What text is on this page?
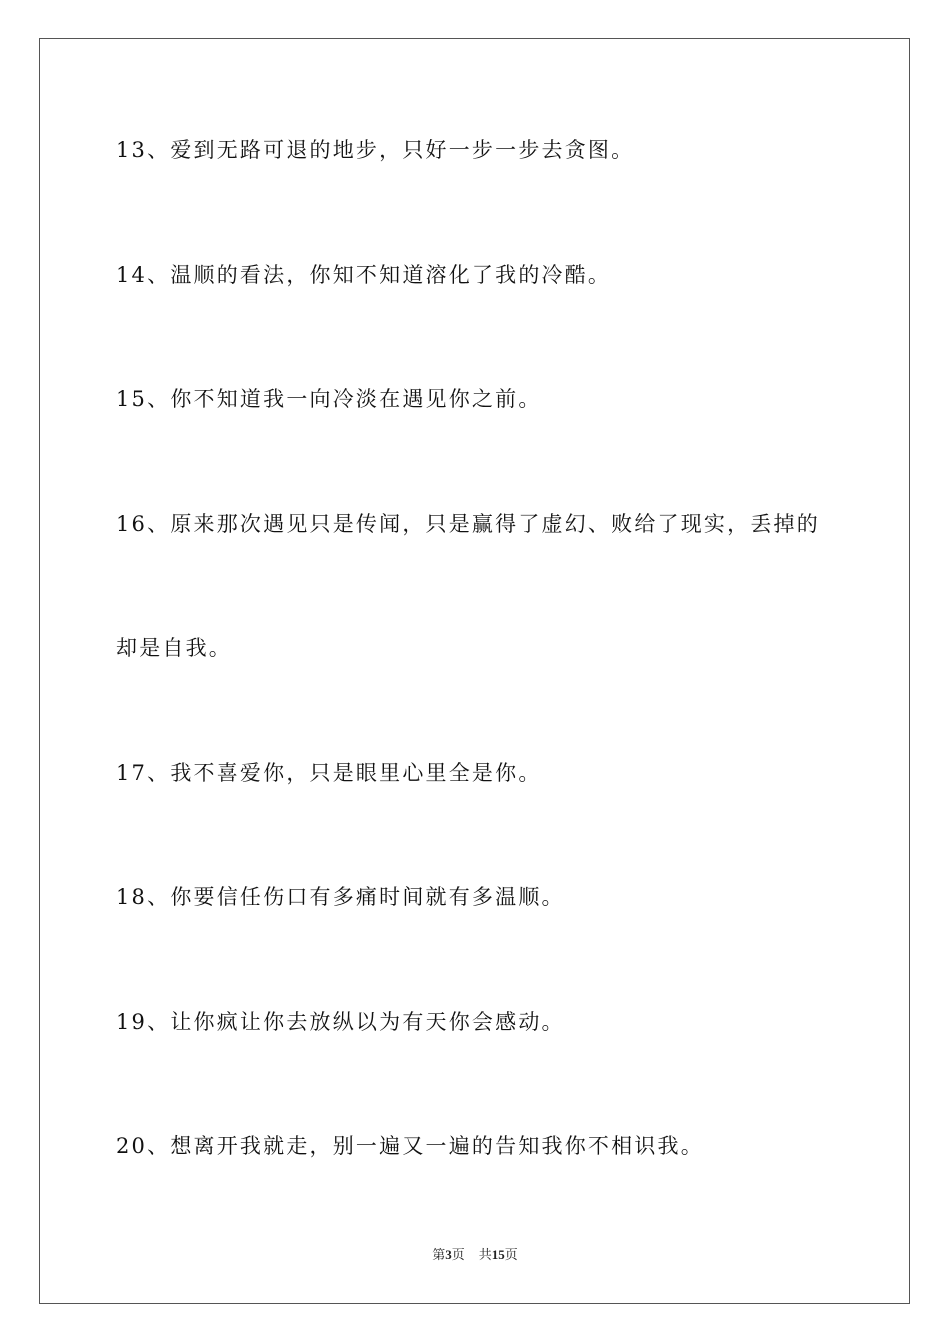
13、爱到无路可退的地步，只好一步一步去贪图。
14、温顺的看法，你知不知道溶化了我的冷酷。
15、你不知道我一向冷淡在遇见你之前。
16、原来那次遇见只是传闻，只是赢得了虚幻、败给了现实，丢掉的
却是自我。
17、我不喜爱你，只是眼里心里全是你。
18、你要信任伤口有多痛时间就有多温顺。
19、让你疯让你去放纵以为有天你会感动。
20、想离开我就走，别一遍又一遍的告知我你不相识我。
第3页 共15页
